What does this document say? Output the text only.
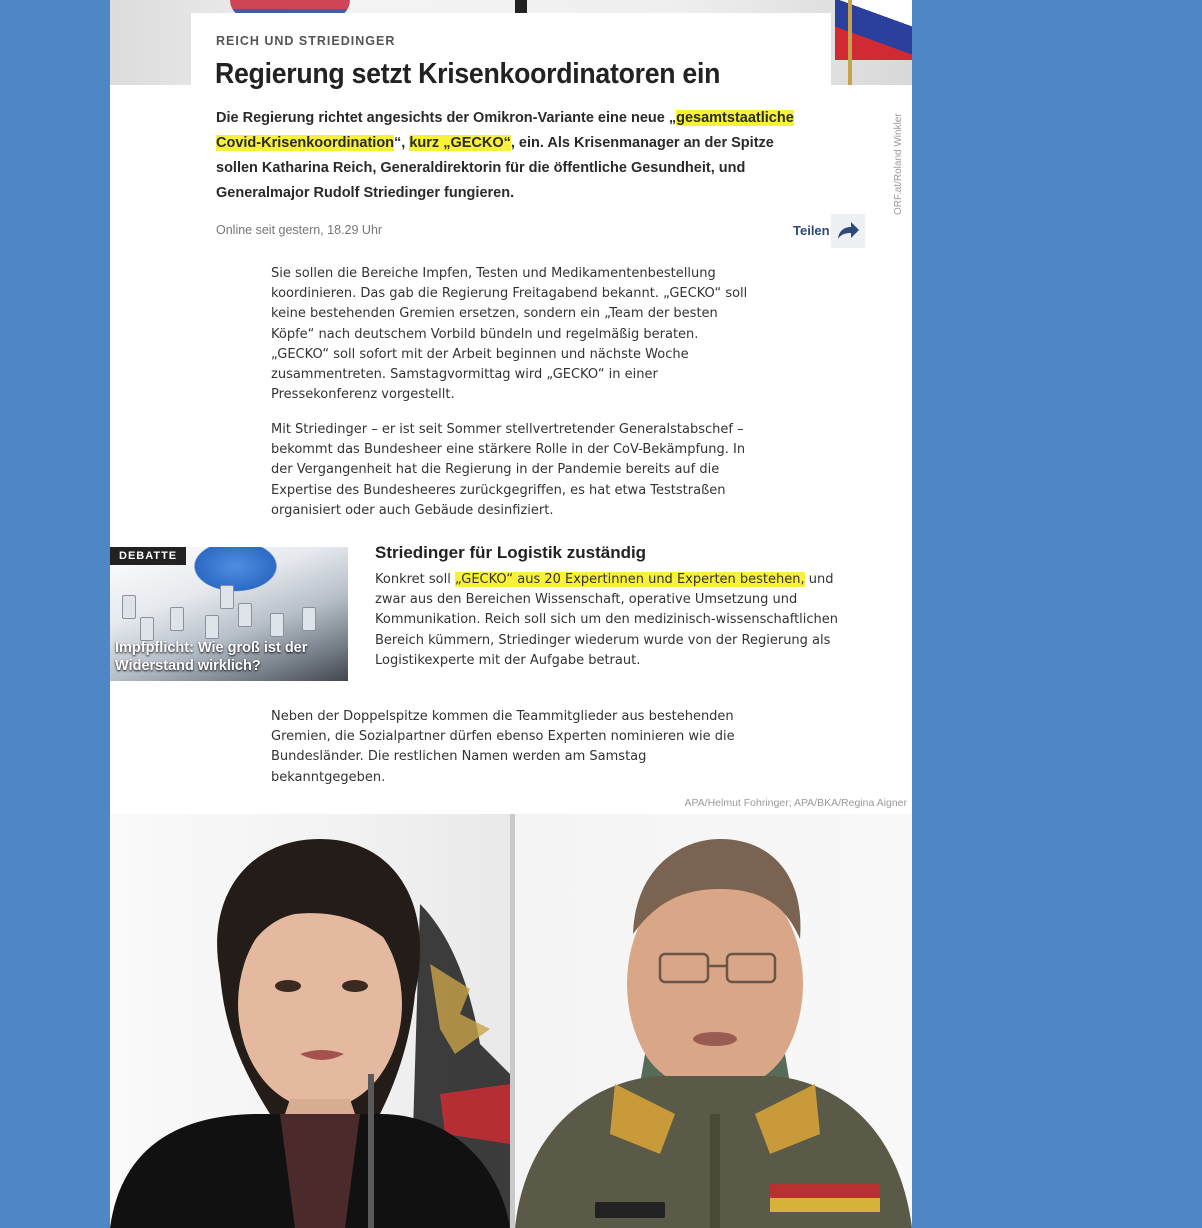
ORF.at/Roland Winkler
REICH UND STRIEDINGER
Regierung setzt Krisenkoordinatoren ein

Die Regierung richtet angesichts der Omikron-Variante eine neue „gesamtstaatliche Covid-Krisenkoordination“, kurz „GECKO“, ein. Als Krisenmanager an der Spitze sollen Katharina Reich, Generaldirektorin für die öffentliche Gesundheit, und Generalmajor Rudolf Striedinger fungieren.

Online seit gestern, 18.29 Uhr	Teilen

Sie sollen die Bereiche Impfen, Testen und Medikamentenbestellung koordinieren. Das gab die Regierung Freitagabend bekannt. „GECKO“ soll keine bestehenden Gremien ersetzen, sondern ein „Team der besten Köpfe“ nach deutschem Vorbild bündeln und regelmäßig beraten. „GECKO“ soll sofort mit der Arbeit beginnen und nächste Woche zusammentreten. Samstagvormittag wird „GECKO“ in einer Pressekonferenz vorgestellt.

Mit Striedinger – er ist seit Sommer stellvertretender Generalstabschef – bekommt das Bundesheer eine stärkere Rolle in der CoV-Bekämpfung. In der Vergangenheit hat die Regierung in der Pandemie bereits auf die Expertise des Bundesheeres zurückgegriffen, es hat etwa Teststraßen organisiert oder auch Gebäude desinfiziert.

DEBATTE
Impfpflicht: Wie groß ist der Widerstand wirklich?
Striedinger für Logistik zuständig

Konkret soll „GECKO“ aus 20 Expertinnen und Experten bestehen, und zwar aus den Bereichen Wissenschaft, operative Umsetzung und Kommunikation. Reich soll sich um den medizinisch-wissenschaftlichen Bereich kümmern, Striedinger wiederum wurde von der Regierung als Logistikexperte mit der Aufgabe betraut.

Neben der Doppelspitze kommen die Teammitglieder aus bestehenden Gremien, die Sozialpartner dürfen ebenso Experten nominieren wie die Bundesländer. Die restlichen Namen werden am Samstag bekanntgegeben.

APA/Helmut Fohringer; APA/BKA/Regina Aigner
